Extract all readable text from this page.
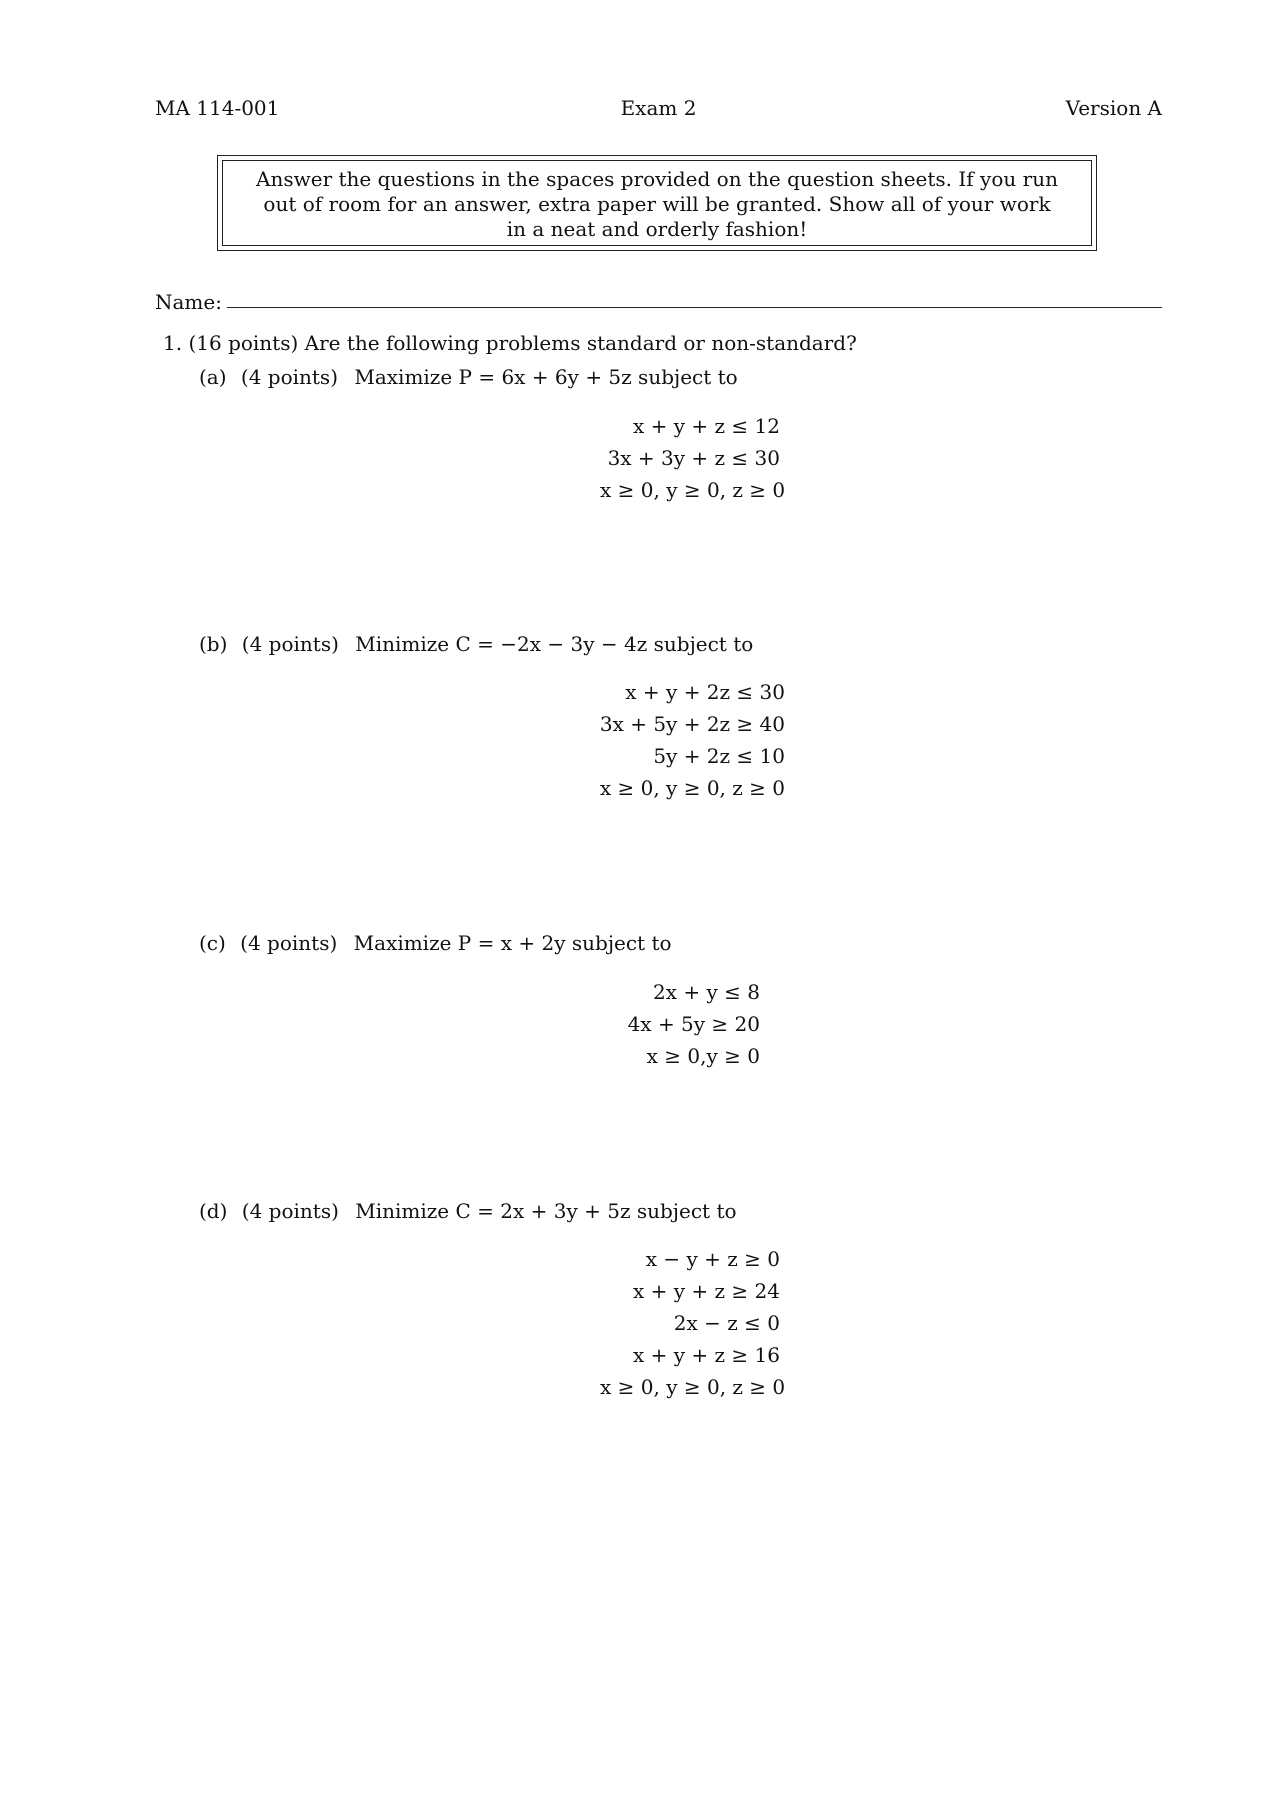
MA 114-001	Exam 2	Version A
Answer the questions in the spaces provided on the question sheets. If you run out of room for an answer, extra paper will be granted. Show all of your work in a neat and orderly fashion!
Name:
1. (16 points) Are the following problems standard or non-standard?
(a) (4 points) Maximize P = 6x + 6y + 5z subject to
x + y + z ≤ 12
3x + 3y + z ≤ 30
x ≥ 0, y ≥ 0, z ≥ 0
(b) (4 points) Minimize C = −2x − 3y − 4z subject to
x + y + 2z ≤ 30
3x + 5y + 2z ≥ 40
5y + 2z ≤ 10
x ≥ 0, y ≥ 0, z ≥ 0
(c) (4 points) Maximize P = x + 2y subject to
2x + y ≤ 8
4x + 5y ≥ 20
x ≥ 0,y ≥ 0
(d) (4 points) Minimize C = 2x + 3y + 5z subject to
x − y + z ≥ 0
x + y + z ≥ 24
2x − z ≤ 0
x + y + z ≥ 16
x ≥ 0, y ≥ 0, z ≥ 0
